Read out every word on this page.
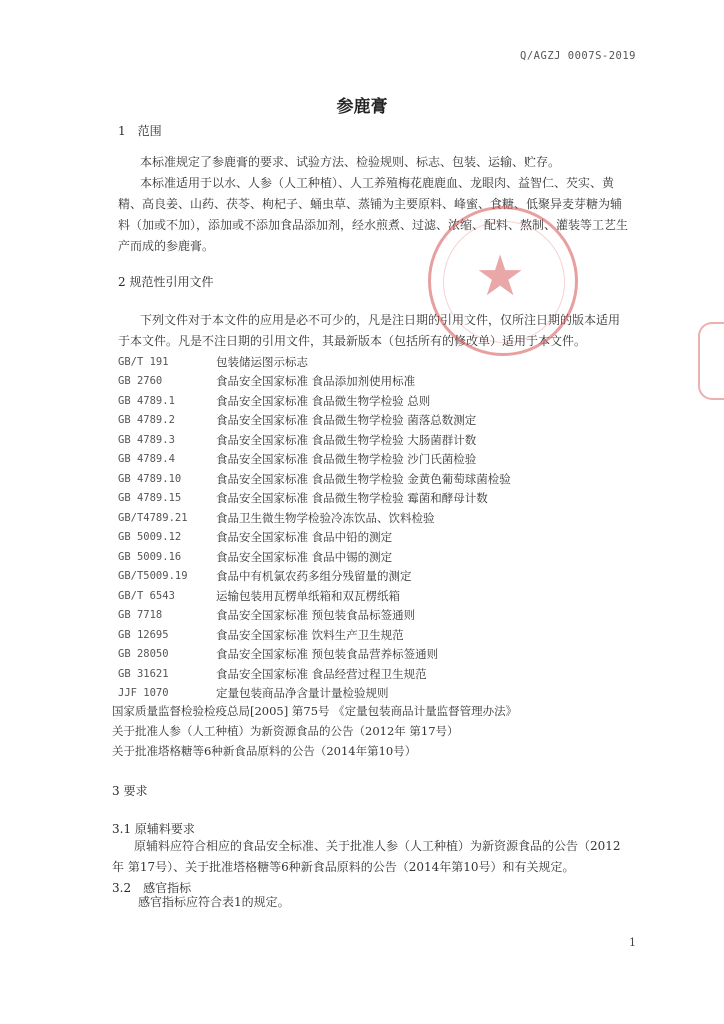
Q/AGZJ 0007S-2019
参鹿膏
1　范围
本标准规定了参鹿膏的要求、试验方法、检验规则、标志、包装、运输、贮存。
本标准适用于以水、人参（人工种植）、人工养殖梅花鹿鹿血、龙眼肉、益智仁、芡实、黄精、高良姜、山药、茯苓、枸杞子、蛹虫草、蒸铺为主要原料、峰蜜、食糖、低聚异麦芽糖为辅料（加或不加），添加或不添加食品添加剂，经水煎煮、过滤、浓缩、配料、熬制、灌装等工艺生产而成的参鹿膏。
2 规范性引用文件
下列文件对于本文件的应用是必不可少的，凡是注日期的引用文件，仅所注日期的版本适用于本文件。凡是不注日期的引用文件，其最新版本（包括所有的修改单）适用于本文件。
GB/T 191	包装储运图示标志
GB 2760	食品安全国家标准 食品添加剂使用标准
GB 4789.1	食品安全国家标准 食品微生物学检验 总则
GB 4789.2	食品安全国家标准 食品微生物学检验 菌落总数测定
GB 4789.3	食品安全国家标准 食品微生物学检验 大肠菌群计数
GB 4789.4	食品安全国家标准 食品微生物学检验 沙门氏菌检验
GB 4789.10	食品安全国家标准 食品微生物学检验 金黄色葡萄球菌检验
GB 4789.15	食品安全国家标准 食品微生物学检验 霉菌和酵母计数
GB/T4789.21	食品卫生微生物学检验冷冻饮品、饮料检验
GB 5009.12	食品安全国家标准 食品中铅的测定
GB 5009.16	食品安全国家标准 食品中锡的测定
GB/T5009.19	食品中有机氯农药多组分残留量的测定
GB/T 6543	运输包装用瓦楞单纸箱和双瓦楞纸箱
GB 7718	食品安全国家标准 预包装食品标签通则
GB 12695	食品安全国家标准 饮料生产卫生规范
GB 28050	食品安全国家标准 预包装食品营养标签通则
GB 31621	食品安全国家标准 食品经营过程卫生规范
JJF 1070	定量包装商品净含量计量检验规则
国家质量监督检验检疫总局[2005] 第75号 《定量包装商品计量监督管理办法》
关于批准人参（人工种植）为新资源食品的公告（2012年 第17号）
关于批准塔格糖等6种新食品原料的公告（2014年第10号）
3 要求
3.1 原辅料要求
原辅料应符合相应的食品安全标准、关于批准人参（人工种植）为新资源食品的公告（2012年 第17号）、关于批准塔格糖等6种新食品原料的公告（2014年第10号）和有关规定。
3.2　感官指标
感官指标应符合表1的规定。
1
★
